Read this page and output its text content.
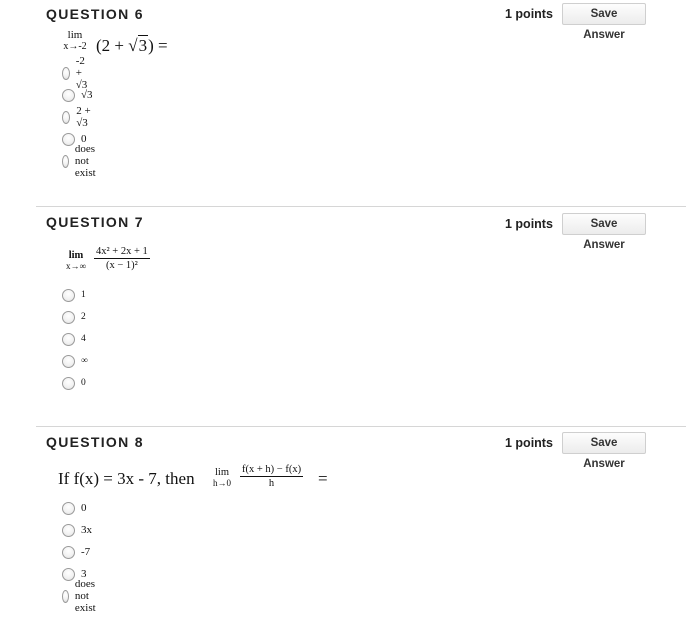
QUESTION 6	1 points	Save Answer
lim
x→-2 (2 + √3) =
-2 + √3
√3
2 + √3
0
does not exist
QUESTION 7	1 points	Save Answer
lim
x→∞
4x² + 2x + 1
(x − 1)²
1
2
4
∞
0
QUESTION 8	1 points	Save Answer
If f(x) = 3x - 7, then	lim
h→0
f(x + h) − f(x)
h	=
0
3x
-7
3
does not exist
